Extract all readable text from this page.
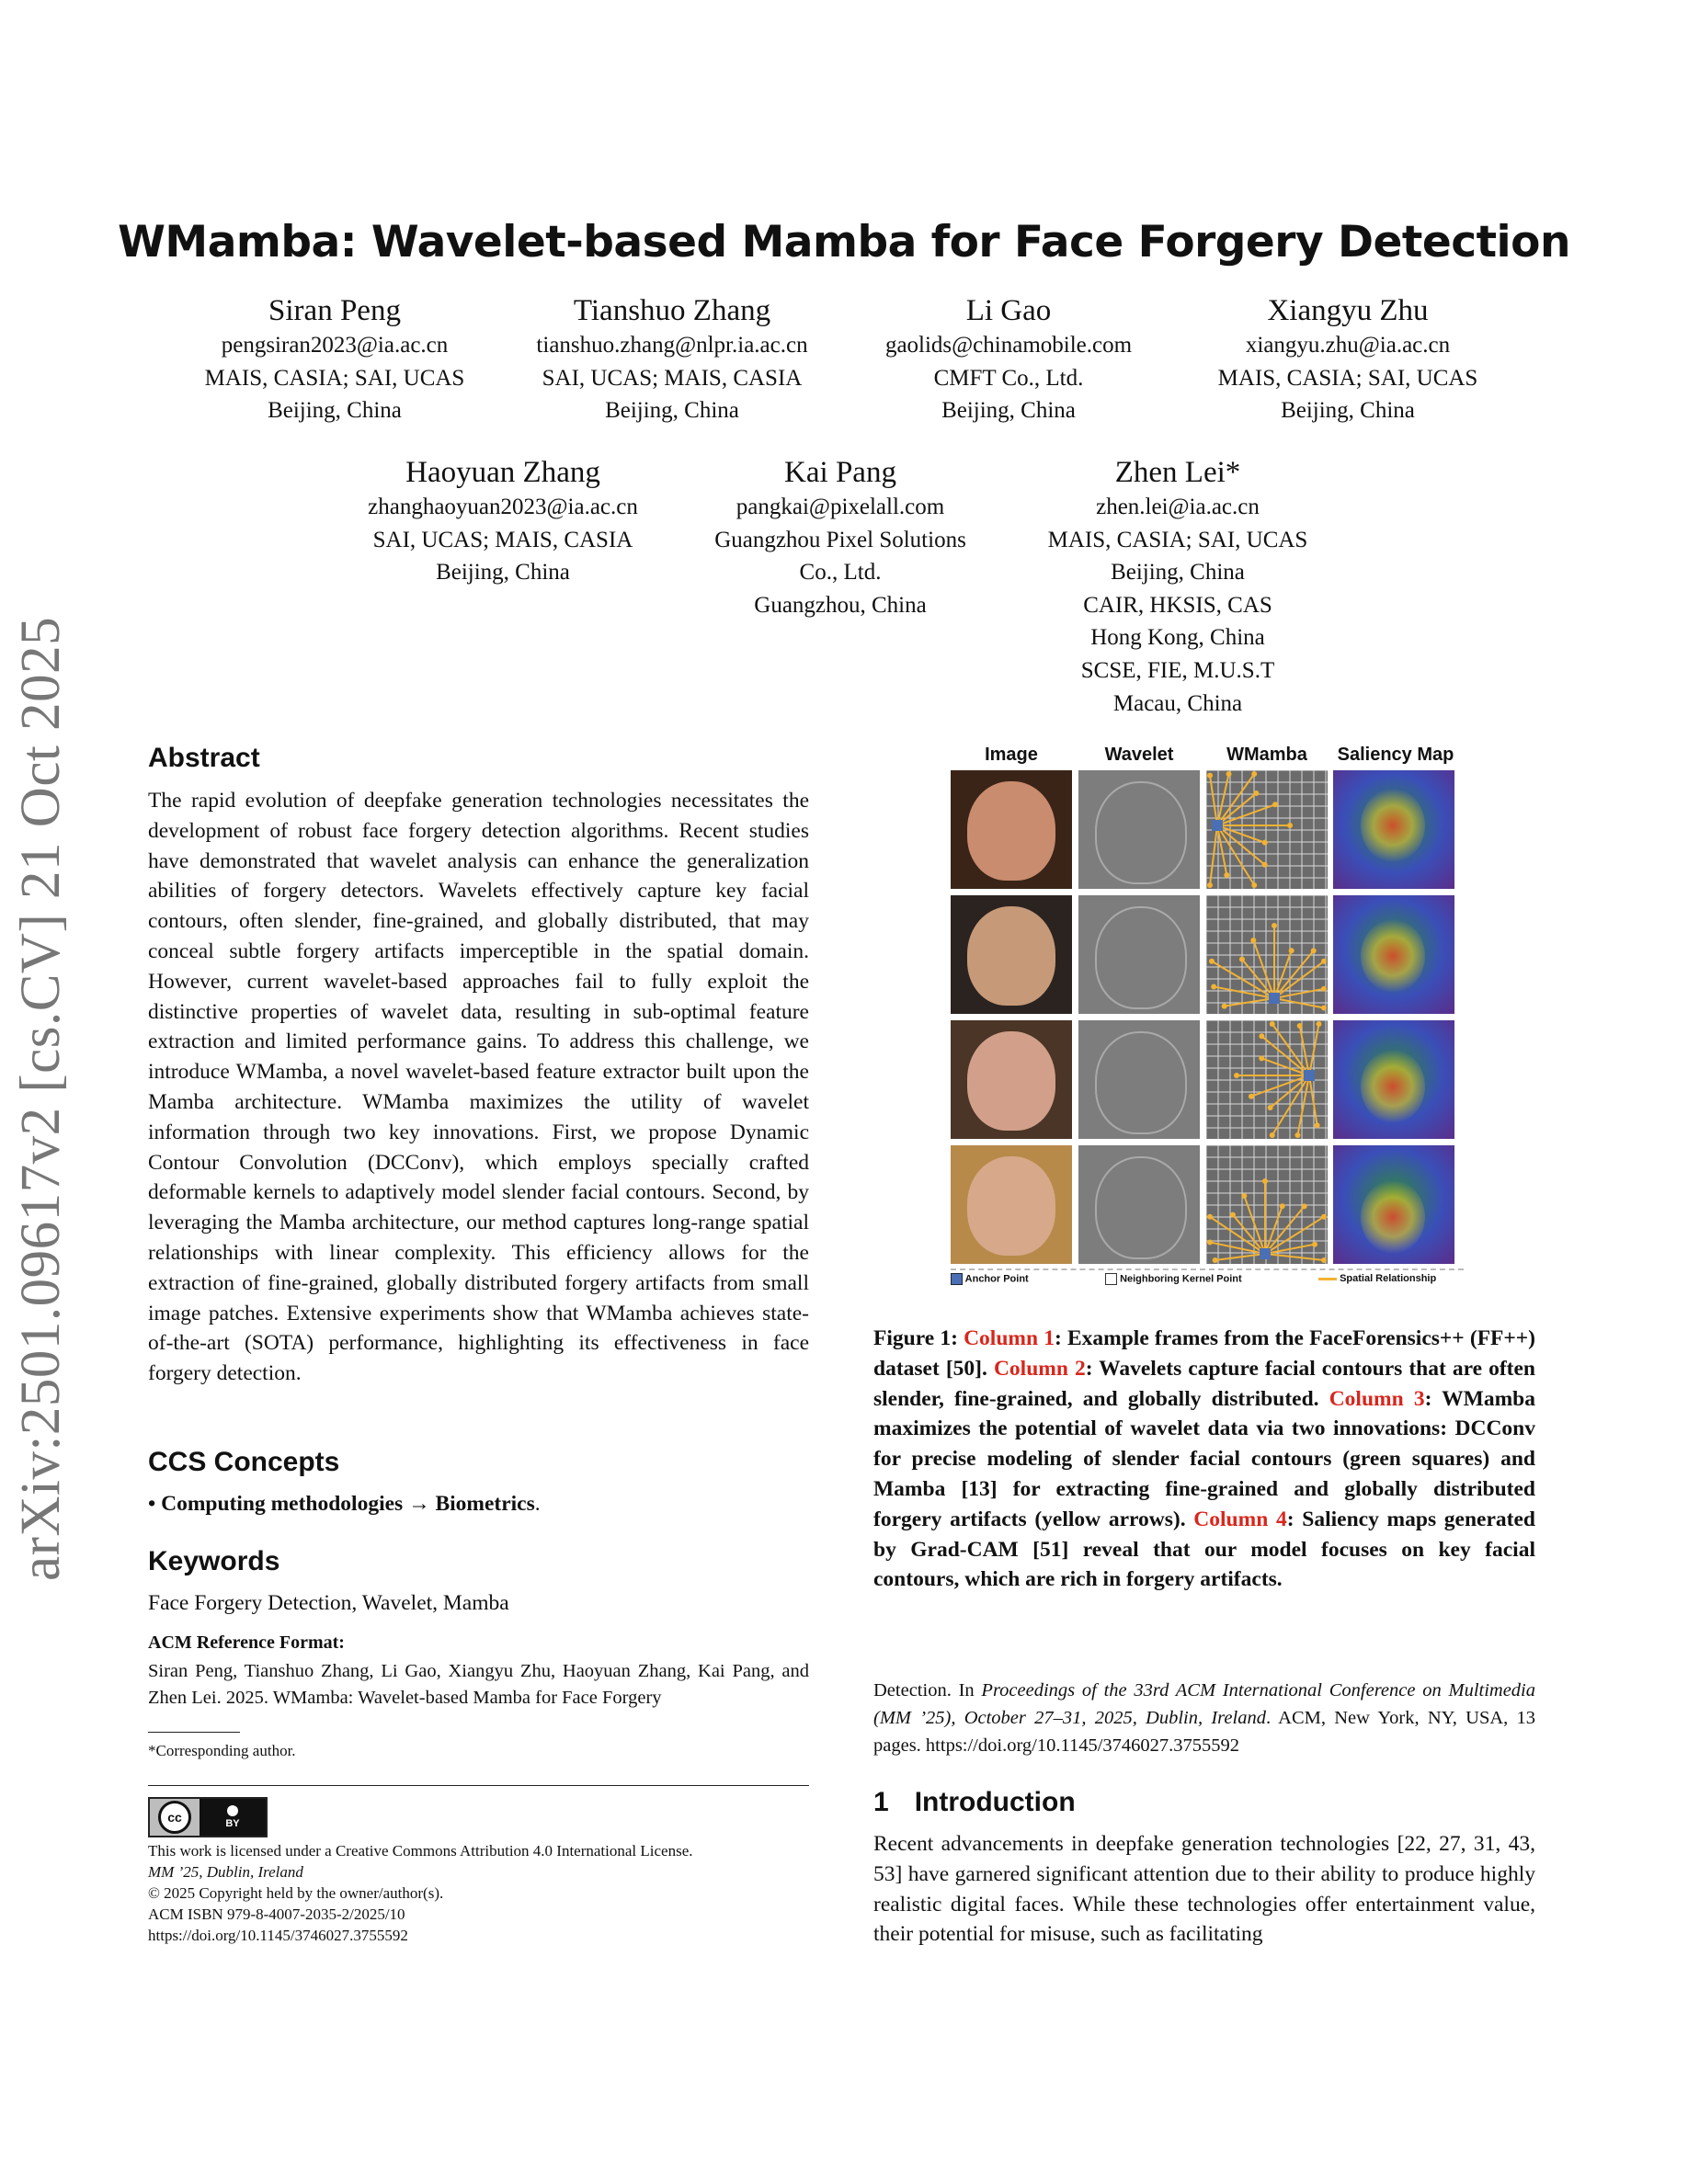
arXiv:2501.09617v2 [cs.CV] 21 Oct 2025
WMamba: Wavelet-based Mamba for Face Forgery Detection
Siran Peng
pengsiran2023@ia.ac.cn
MAIS, CASIA; SAI, UCAS
Beijing, China
Tianshuo Zhang
tianshuo.zhang@nlpr.ia.ac.cn
SAI, UCAS; MAIS, CASIA
Beijing, China
Li Gao
gaolids@chinamobile.com
CMFT Co., Ltd.
Beijing, China
Xiangyu Zhu
xiangyu.zhu@ia.ac.cn
MAIS, CASIA; SAI, UCAS
Beijing, China
Haoyuan Zhang
zhanghaoyuan2023@ia.ac.cn
SAI, UCAS; MAIS, CASIA
Beijing, China
Kai Pang
pangkai@pixelall.com
Guangzhou Pixel Solutions
Co., Ltd.
Guangzhou, China
Zhen Lei*
zhen.lei@ia.ac.cn
MAIS, CASIA; SAI, UCAS
Beijing, China
CAIR, HKSIS, CAS
Hong Kong, China
SCSE, FIE, M.U.S.T
Macau, China
Abstract
The rapid evolution of deepfake generation technologies necessitates the development of robust face forgery detection algorithms. Recent studies have demonstrated that wavelet analysis can enhance the generalization abilities of forgery detectors. Wavelets effectively capture key facial contours, often slender, fine-grained, and globally distributed, that may conceal subtle forgery artifacts imperceptible in the spatial domain. However, current wavelet-based approaches fail to fully exploit the distinctive properties of wavelet data, resulting in sub-optimal feature extraction and limited performance gains. To address this challenge, we introduce WMamba, a novel wavelet-based feature extractor built upon the Mamba architecture. WMamba maximizes the utility of wavelet information through two key innovations. First, we propose Dynamic Contour Convolution (DCConv), which employs specially crafted deformable kernels to adaptively model slender facial contours. Second, by leveraging the Mamba architecture, our method captures long-range spatial relationships with linear complexity. This efficiency allows for the extraction of fine-grained, globally distributed forgery artifacts from small image patches. Extensive experiments show that WMamba achieves state-of-the-art (SOTA) performance, highlighting its effectiveness in face forgery detection.
CCS Concepts
• Computing methodologies → Biometrics.
Keywords
Face Forgery Detection, Wavelet, Mamba
ACM Reference Format:
Siran Peng, Tianshuo Zhang, Li Gao, Xiangyu Zhu, Haoyuan Zhang, Kai Pang, and Zhen Lei. 2025. WMamba: Wavelet-based Mamba for Face Forgery
*Corresponding author.
cc	BY
This work is licensed under a Creative Commons Attribution 4.0 International License.
MM ’25, Dublin, Ireland
© 2025 Copyright held by the owner/author(s).
ACM ISBN 979-8-4007-2035-2/2025/10
https://doi.org/10.1145/3746027.3755592
Image	Wavelet	WMamba	Saliency Map
Anchor Point	Neighboring Kernel Point	Spatial Relationship
Figure 1: Column 1: Example frames from the FaceForensics++ (FF++) dataset [50]. Column 2: Wavelets capture facial contours that are often slender, fine-grained, and globally distributed. Column 3: WMamba maximizes the potential of wavelet data via two innovations: DCConv for precise modeling of slender facial contours (green squares) and Mamba [13] for extracting fine-grained and globally distributed forgery artifacts (yellow arrows). Column 4: Saliency maps generated by Grad-CAM [51] reveal that our model focuses on key facial contours, which are rich in forgery artifacts.
Detection. In Proceedings of the 33rd ACM International Conference on Multimedia (MM ’25), October 27–31, 2025, Dublin, Ireland. ACM, New York, NY, USA, 13 pages. https://doi.org/10.1145/3746027.3755592
1 Introduction
Recent advancements in deepfake generation technologies [22, 27, 31, 43, 53] have garnered significant attention due to their ability to produce highly realistic digital faces. While these technologies offer entertainment value, their potential for misuse, such as facilitating
